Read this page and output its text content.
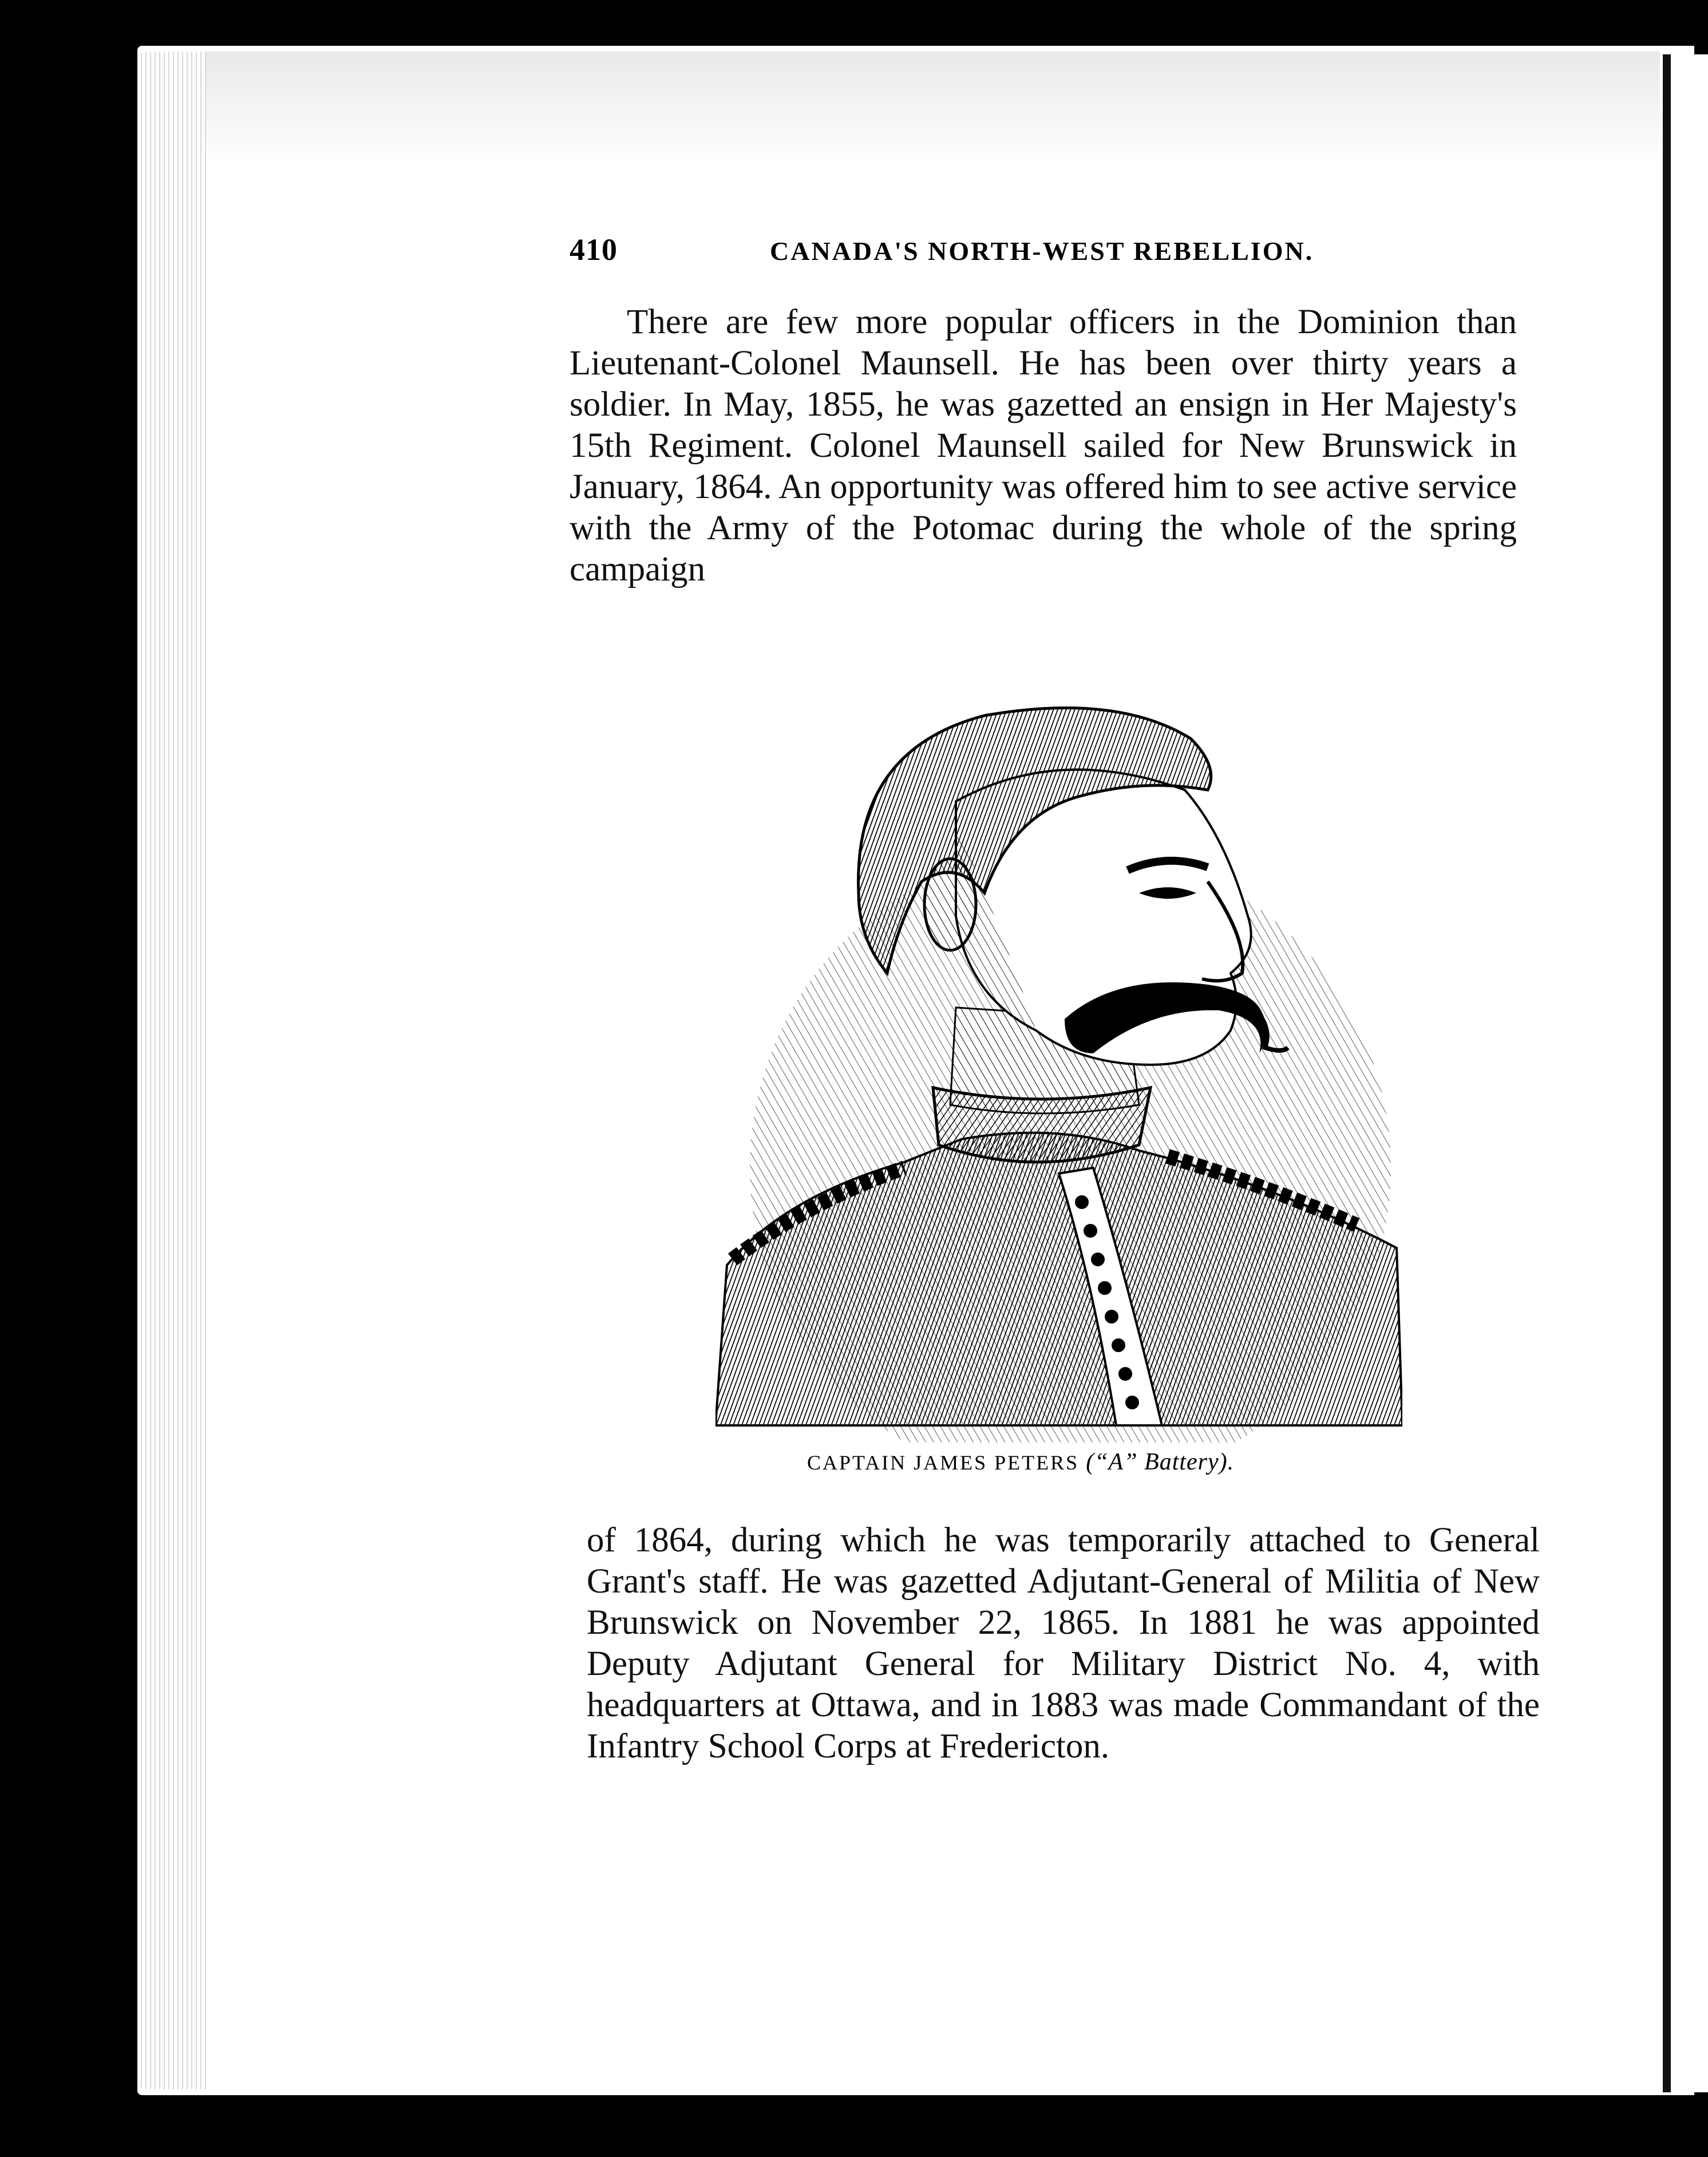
410	CANADA'S NORTH-WEST REBELLION.

There are few more popular officers in the Dominion than Lieutenant-Colonel Maunsell. He has been over thirty years a soldier. In May, 1855, he was gazetted an ensign in Her Majesty's 15th Regiment. Colonel Maunsell sailed for New Brunswick in January, 1864. An opportunity was offered him to see active service with the Army of the Potomac during the whole of the spring campaign

CAPTAIN JAMES PETERS (“A” Battery).

of 1864, during which he was temporarily attached to General Grant's staff. He was gazetted Adjutant-General of Militia of New Brunswick on November 22, 1865. In 1881 he was appointed Deputy Adjutant General for Military District No. 4, with headquarters at Ottawa, and in 1883 was made Commandant of the Infantry School Corps at Fredericton.
